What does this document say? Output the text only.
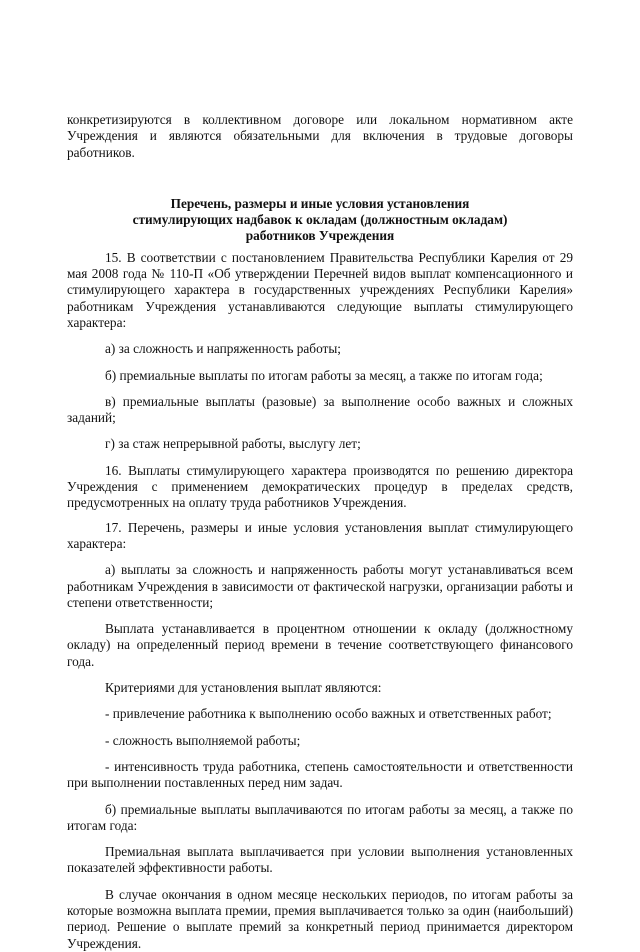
конкретизируются в коллективном договоре или локальном нормативном акте Учреждения и являются обязательными для включения в трудовые договоры работников.

Перечень, размеры и иные условия установления
стимулирующих надбавок к окладам (должностным окладам)
работников Учреждения

15. В соответствии с постановлением Правительства Республики Карелия от 29 мая 2008 года № 110-П «Об утверждении Перечней видов выплат компенсационного и стимулирующего характера в государственных учреждениях Республики Карелия» работникам Учреждения устанавливаются следующие выплаты стимулирующего характера:

а) за сложность и напряженность работы;

б) премиальные выплаты по итогам работы за месяц, а также по итогам года;

в) премиальные выплаты (разовые) за выполнение особо важных и сложных заданий;

г) за стаж непрерывной работы, выслугу лет;

16. Выплаты стимулирующего характера производятся по решению директора Учреждения с применением демократических процедур в пределах средств, предусмотренных на оплату труда работников Учреждения.

17. Перечень, размеры и иные условия установления выплат стимулирующего характера:

а) выплаты за сложность и напряженность работы могут устанавливаться всем работникам Учреждения в зависимости от фактической нагрузки, организации работы и степени ответственности;

Выплата устанавливается в процентном отношении к окладу (должностному окладу) на определенный период времени в течение соответствующего финансового года.

Критериями для установления выплат являются:

- привлечение работника к выполнению особо важных и ответственных работ;

- сложность выполняемой работы;

- интенсивность труда работника, степень самостоятельности и ответственности при выполнении поставленных перед ним задач.

б) премиальные выплаты выплачиваются по итогам работы за месяц, а также по итогам года:

Премиальная выплата выплачивается при условии выполнения установленных показателей эффективности работы.

В случае окончания в одном месяце нескольких периодов, по итогам работы за которые возможна выплата премии, премия выплачивается только за один (наибольший) период. Решение о выплате премий за конкретный период принимается директором Учреждения.
